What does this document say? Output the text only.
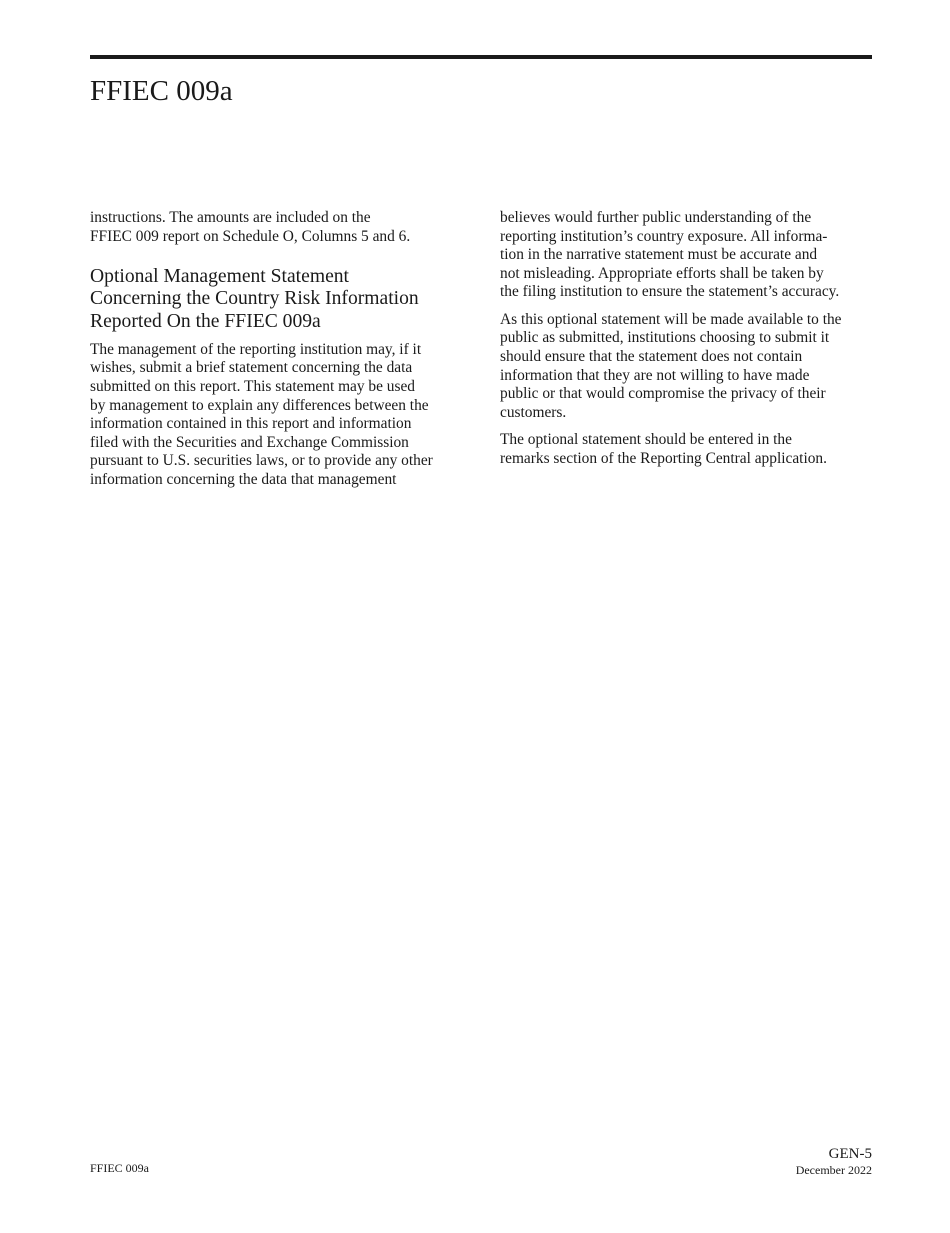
FFIEC 009a

instructions. The amounts are included on the
FFIEC 009 report on Schedule O, Columns 5 and 6.

Optional Management Statement
Concerning the Country Risk Information
Reported On the FFIEC 009a

The management of the reporting institution may, if it
wishes, submit a brief statement concerning the data
submitted on this report. This statement may be used
by management to explain any differences between the
information contained in this report and information
filed with the Securities and Exchange Commission
pursuant to U.S. securities laws, or to provide any other
information concerning the data that management

believes would further public understanding of the
reporting institution’s country exposure. All informa-
tion in the narrative statement must be accurate and
not misleading. Appropriate efforts shall be taken by
the filing institution to ensure the statement’s accuracy.

As this optional statement will be made available to the
public as submitted, institutions choosing to submit it
should ensure that the statement does not contain
information that they are not willing to have made
public or that would compromise the privacy of their
customers.

The optional statement should be entered in the
remarks section of the Reporting Central application.

FFIEC 009a
GEN-5
December 2022
